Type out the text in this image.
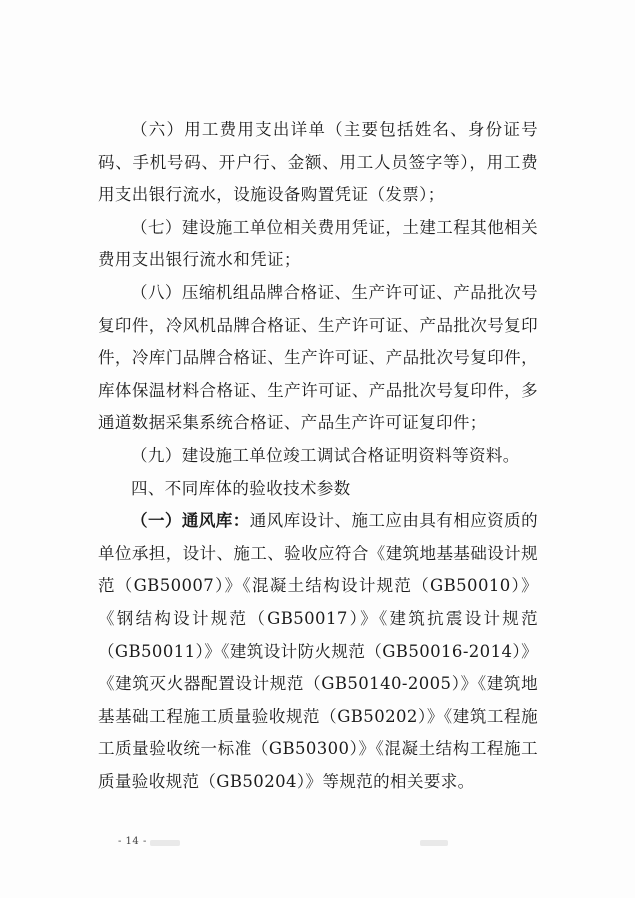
（六）用工费用支出详单（主要包括姓名、身份证号码、手机号码、开户行、金额、用工人员签字等），用工费用支出银行流水，设施设备购置凭证（发票）；

（七）建设施工单位相关费用凭证，土建工程其他相关费用支出银行流水和凭证；

（八）压缩机组品牌合格证、生产许可证、产品批次号复印件，冷风机品牌合格证、生产许可证、产品批次号复印件，冷库门品牌合格证、生产许可证、产品批次号复印件，库体保温材料合格证、生产许可证、产品批次号复印件，多通道数据采集系统合格证、产品生产许可证复印件；

（九）建设施工单位竣工调试合格证明资料等资料。

四、不同库体的验收技术参数

（一）通风库：通风库设计、施工应由具有相应资质的单位承担，设计、施工、验收应符合《建筑地基基础设计规范（GB50007）》《混凝土结构设计规范（GB50010）》《钢结构设计规范（GB50017）》《建筑抗震设计规范（GB50011）》《建筑设计防火规范（GB50016-2014）》《建筑灭火器配置设计规范（GB50140-2005）》《建筑地基基础工程施工质量验收规范（GB50202）》《建筑工程施工质量验收统一标准（GB50300）》《混凝土结构工程施工质量验收规范（GB50204）》等规范的相关要求。

- 14 -
